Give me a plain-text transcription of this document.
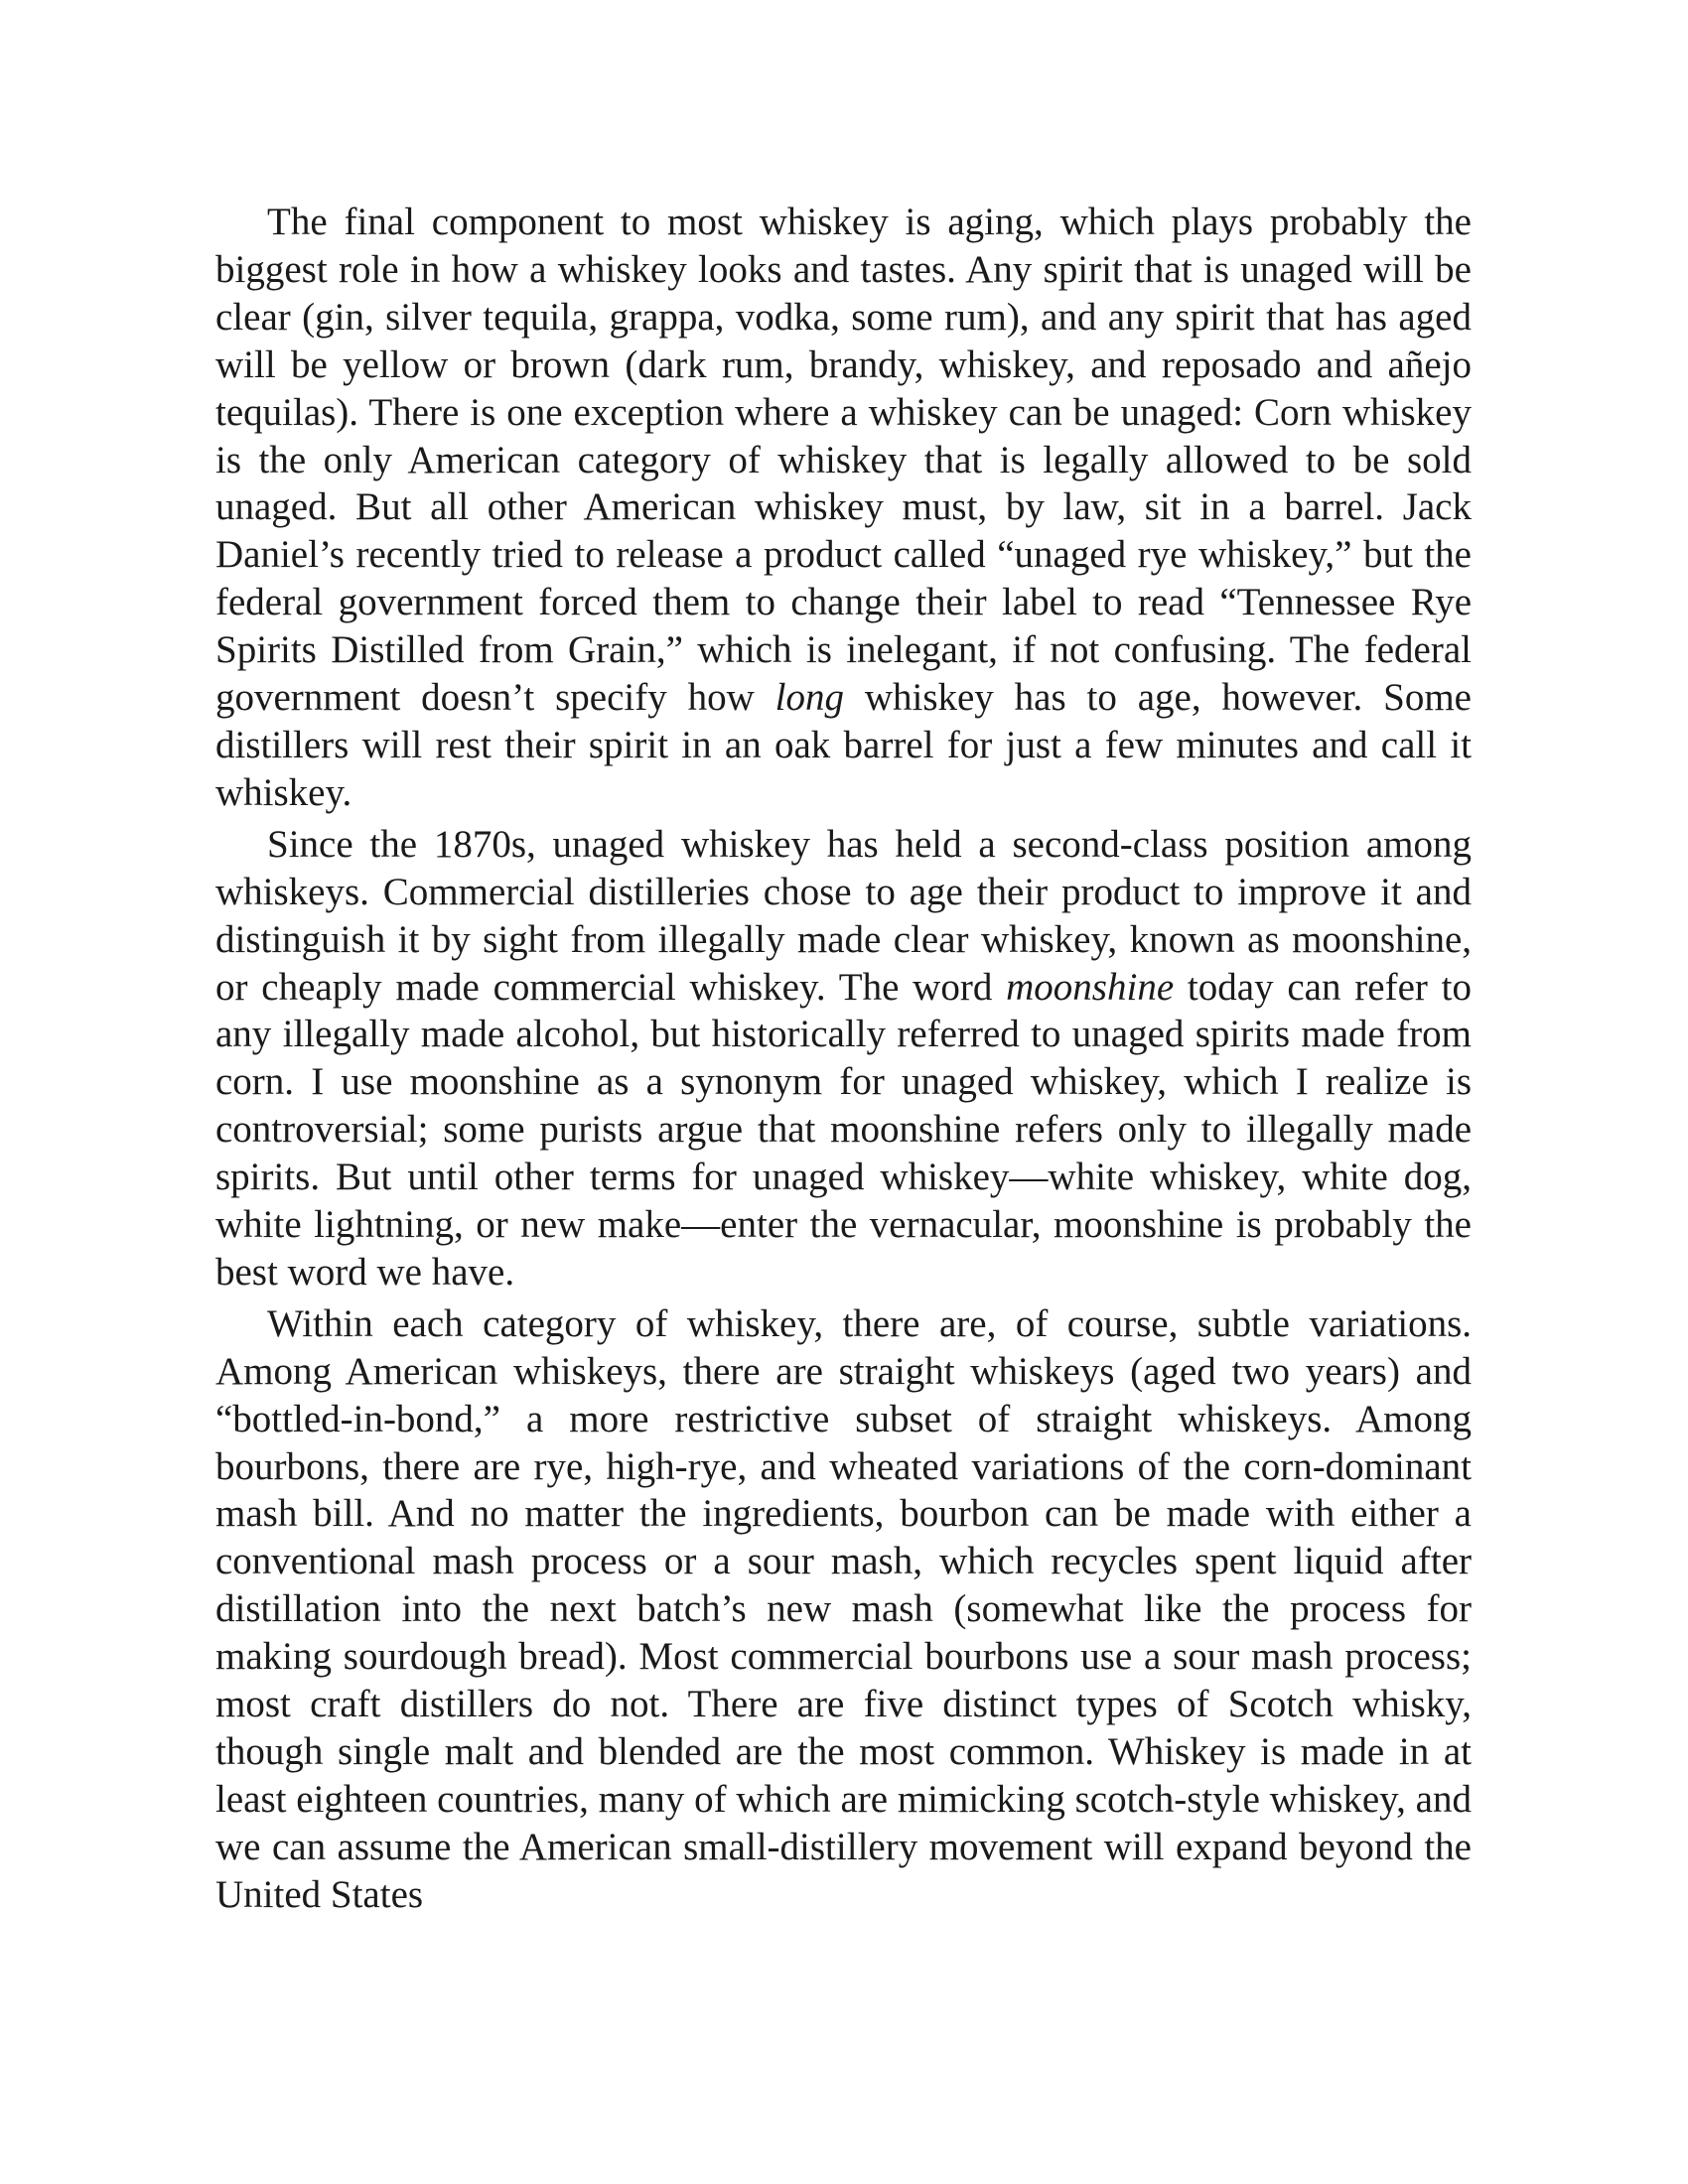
The final component to most whiskey is aging, which plays probably the biggest role in how a whiskey looks and tastes. Any spirit that is unaged will be clear (gin, silver tequila, grappa, vodka, some rum), and any spirit that has aged will be yellow or brown (dark rum, brandy, whiskey, and reposado and añejo tequilas). There is one exception where a whiskey can be unaged: Corn whiskey is the only American category of whiskey that is legally allowed to be sold unaged. But all other American whiskey must, by law, sit in a barrel. Jack Daniel’s recently tried to release a product called “unaged rye whiskey,” but the federal government forced them to change their label to read “Tennessee Rye Spirits Distilled from Grain,” which is inelegant, if not confusing. The federal government doesn’t specify how long whiskey has to age, however. Some distillers will rest their spirit in an oak barrel for just a few minutes and call it whiskey.

Since the 1870s, unaged whiskey has held a second-class position among whiskeys. Commercial distilleries chose to age their product to improve it and distinguish it by sight from illegally made clear whiskey, known as moonshine, or cheaply made commercial whiskey. The word moonshine today can refer to any illegally made alcohol, but historically referred to unaged spirits made from corn. I use moonshine as a synonym for unaged whiskey, which I realize is controversial; some purists argue that moonshine refers only to illegally made spirits. But until other terms for unaged whiskey—white whiskey, white dog, white lightning, or new make—enter the vernacular, moonshine is probably the best word we have.

Within each category of whiskey, there are, of course, subtle variations. Among American whiskeys, there are straight whiskeys (aged two years) and “bottled-in-bond,” a more restrictive subset of straight whiskeys. Among bourbons, there are rye, high-rye, and wheated variations of the corn-dominant mash bill. And no matter the ingredients, bourbon can be made with either a conventional mash process or a sour mash, which recycles spent liquid after distillation into the next batch’s new mash (somewhat like the process for making sourdough bread). Most commercial bourbons use a sour mash process; most craft distillers do not. There are five distinct types of Scotch whisky, though single malt and blended are the most common. Whiskey is made in at least eighteen countries, many of which are mimicking scotch-style whiskey, and we can assume the American small-distillery movement will expand beyond the United States
